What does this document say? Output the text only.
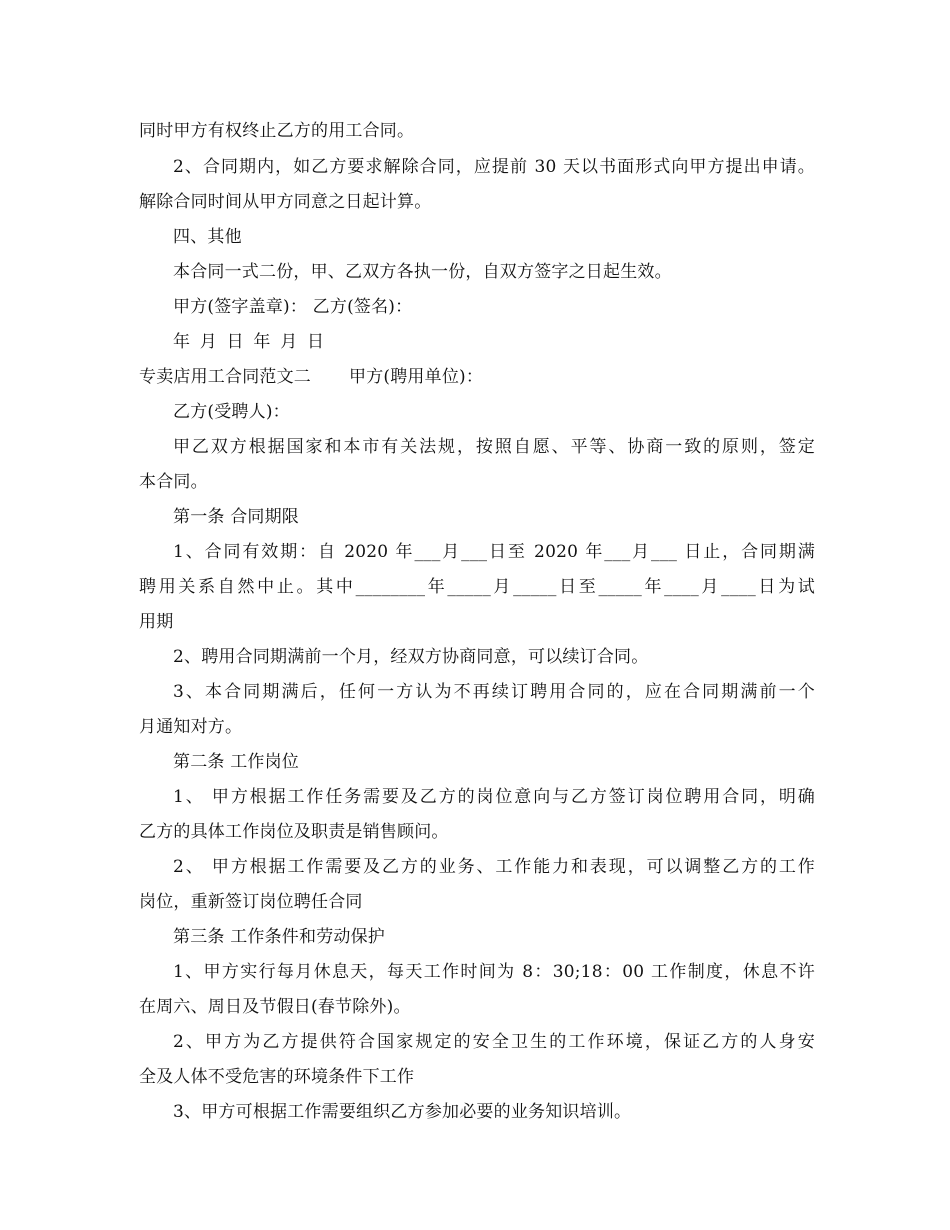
同时甲方有权终止乙方的用工合同。
2、合同期内，如乙方要求解除合同，应提前 30 天以书面形式向甲方提出申请。
解除合同时间从甲方同意之日起计算。
四、其他
本合同一式二份，甲、乙双方各执一份，自双方签字之日起生效。
甲方(签字盖章)： 乙方(签名)：
年 月 日 年 月 日
专卖店用工合同范文二 甲方(聘用单位)：
乙方(受聘人)：
甲乙双方根据国家和本市有关法规，按照自愿、平等、协商一致的原则，签定
本合同。
第一条 合同期限
1、合同有效期：自 2020 年___月___日至 2020 年___月___ 日止，合同期满
聘用关系自然中止。其中________年_____月_____日至_____年____月____日为试
用期
2、聘用合同期满前一个月，经双方协商同意，可以续订合同。
3、本合同期满后，任何一方认为不再续订聘用合同的，应在合同期满前一个
月通知对方。
第二条 工作岗位
1、 甲方根据工作任务需要及乙方的岗位意向与乙方签订岗位聘用合同，明确
乙方的具体工作岗位及职责是销售顾问。
2、 甲方根据工作需要及乙方的业务、工作能力和表现，可以调整乙方的工作
岗位，重新签订岗位聘任合同
第三条 工作条件和劳动保护
1、甲方实行每月休息天，每天工作时间为 8：30;18：00 工作制度，休息不许
在周六、周日及节假日(春节除外)。
2、甲方为乙方提供符合国家规定的安全卫生的工作环境，保证乙方的人身安
全及人体不受危害的环境条件下工作
3、甲方可根据工作需要组织乙方参加必要的业务知识培训。
